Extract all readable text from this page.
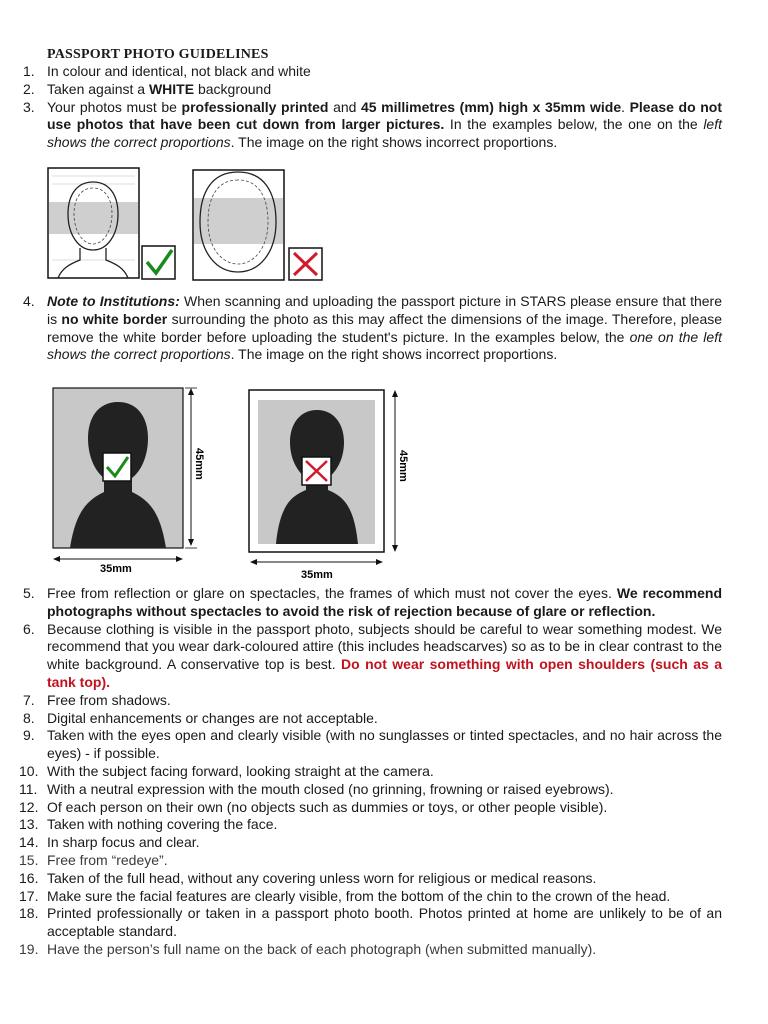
PASSPORT PHOTO GUIDELINES
1. In colour and identical, not black and white
2. Taken against a WHITE background
3. Your photos must be professionally printed and 45 millimetres (mm) high x 35mm wide. Please do not use photos that have been cut down from larger pictures. In the examples below, the one on the left shows the correct proportions. The image on the right shows incorrect proportions.
4. Note to Institutions: When scanning and uploading the passport picture in STARS please ensure that there is no white border surrounding the photo as this may affect the dimensions of the image. Therefore, please remove the white border before uploading the student's picture. In the examples below, the one on the left shows the correct proportions. The image on the right shows incorrect proportions.
45mm
35mm
45mm
35mm
5. Free from reflection or glare on spectacles, the frames of which must not cover the eyes. We recommend photographs without spectacles to avoid the risk of rejection because of glare or reflection.
6. Because clothing is visible in the passport photo, subjects should be careful to wear something modest. We recommend that you wear dark-coloured attire (this includes headscarves) so as to be in clear contrast to the white background. A conservative top is best. Do not wear something with open shoulders (such as a tank top).
7. Free from shadows.
8. Digital enhancements or changes are not acceptable.
9. Taken with the eyes open and clearly visible (with no sunglasses or tinted spectacles, and no hair across the eyes) - if possible.
10. With the subject facing forward, looking straight at the camera.
11. With a neutral expression with the mouth closed (no grinning, frowning or raised eyebrows).
12. Of each person on their own (no objects such as dummies or toys, or other people visible).
13. Taken with nothing covering the face.
14. In sharp focus and clear.
15. Free from “redeye”.
16. Taken of the full head, without any covering unless worn for religious or medical reasons.
17. Make sure the facial features are clearly visible, from the bottom of the chin to the crown of the head.
18. Printed professionally or taken in a passport photo booth. Photos printed at home are unlikely to be of an acceptable standard.
19. Have the person’s full name on the back of each photograph (when submitted manually).
